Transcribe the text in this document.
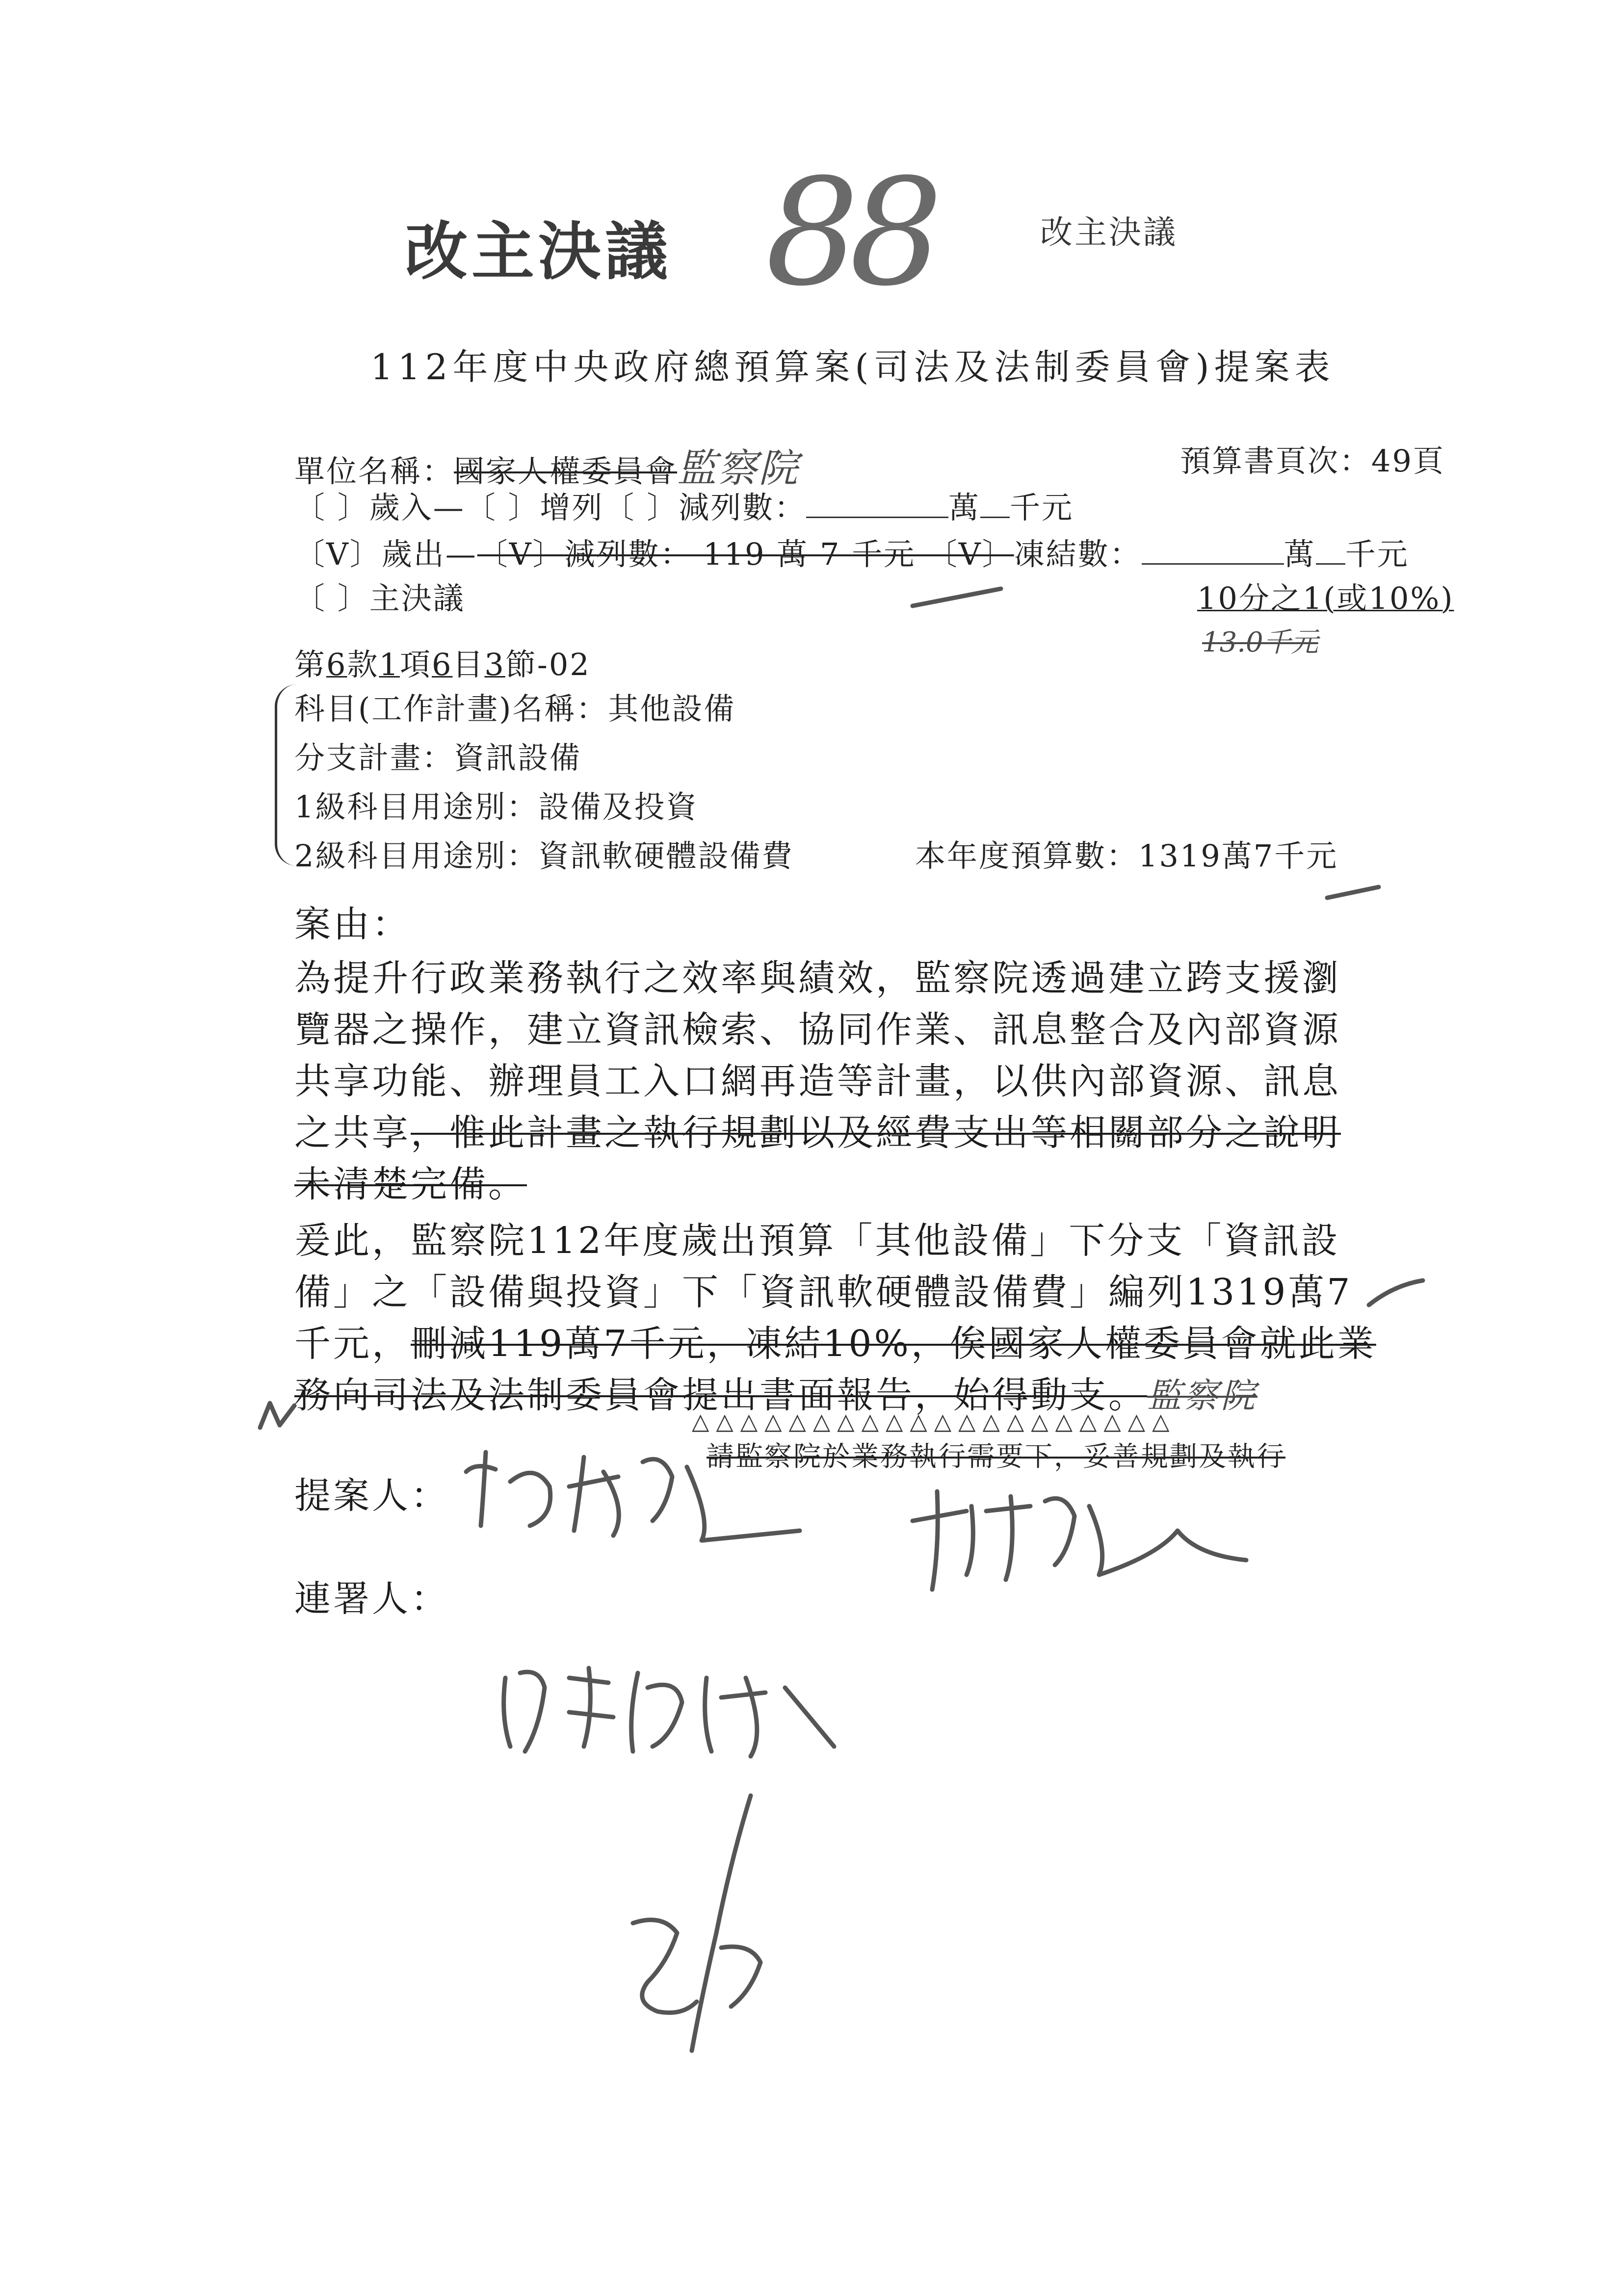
改主決議 88	改主決議
112年度中央政府總預算案(司法及法制委員會)提案表
單位名稱：國家人權委員會監察院	預算書頁次：49頁
〔 〕歲入—〔 〕增列〔 〕減列數：	萬 千元
〔V〕歲出—〔V〕減列數： 119 萬 7 千元 〔V〕凍結數：	萬 千元
〔 〕主決議	10分之1(或10%)
13.0千元
第6款1項6目3節-02
科目(工作計畫)名稱：其他設備
分支計畫：資訊設備
1級科目用途別：設備及投資
2級科目用途別：資訊軟硬體設備費	本年度預算數：1319萬7千元
案由：
為提升行政業務執行之效率與績效，監察院透過建立跨支援瀏
覽器之操作，建立資訊檢索、協同作業、訊息整合及內部資源
共享功能、辦理員工入口網再造等計畫，以供內部資源、訊息
之共享，惟此計畫之執行規劃以及經費支出等相關部分之說明
未清楚完備。
爰此，監察院112年度歲出預算「其他設備」下分支「資訊設
備」之「設備與投資」下「資訊軟硬體設備費」編列1319萬7
千元，刪減119萬7千元，凍結10%，俟國家人權委員會就此業
務向司法及法制委員會提出書面報告，始得動支。監察院
△△△△△△△△△△△△△△△△△△△△
請監察院於業務執行需要下，妥善規劃及執行
提案人：
連署人：
